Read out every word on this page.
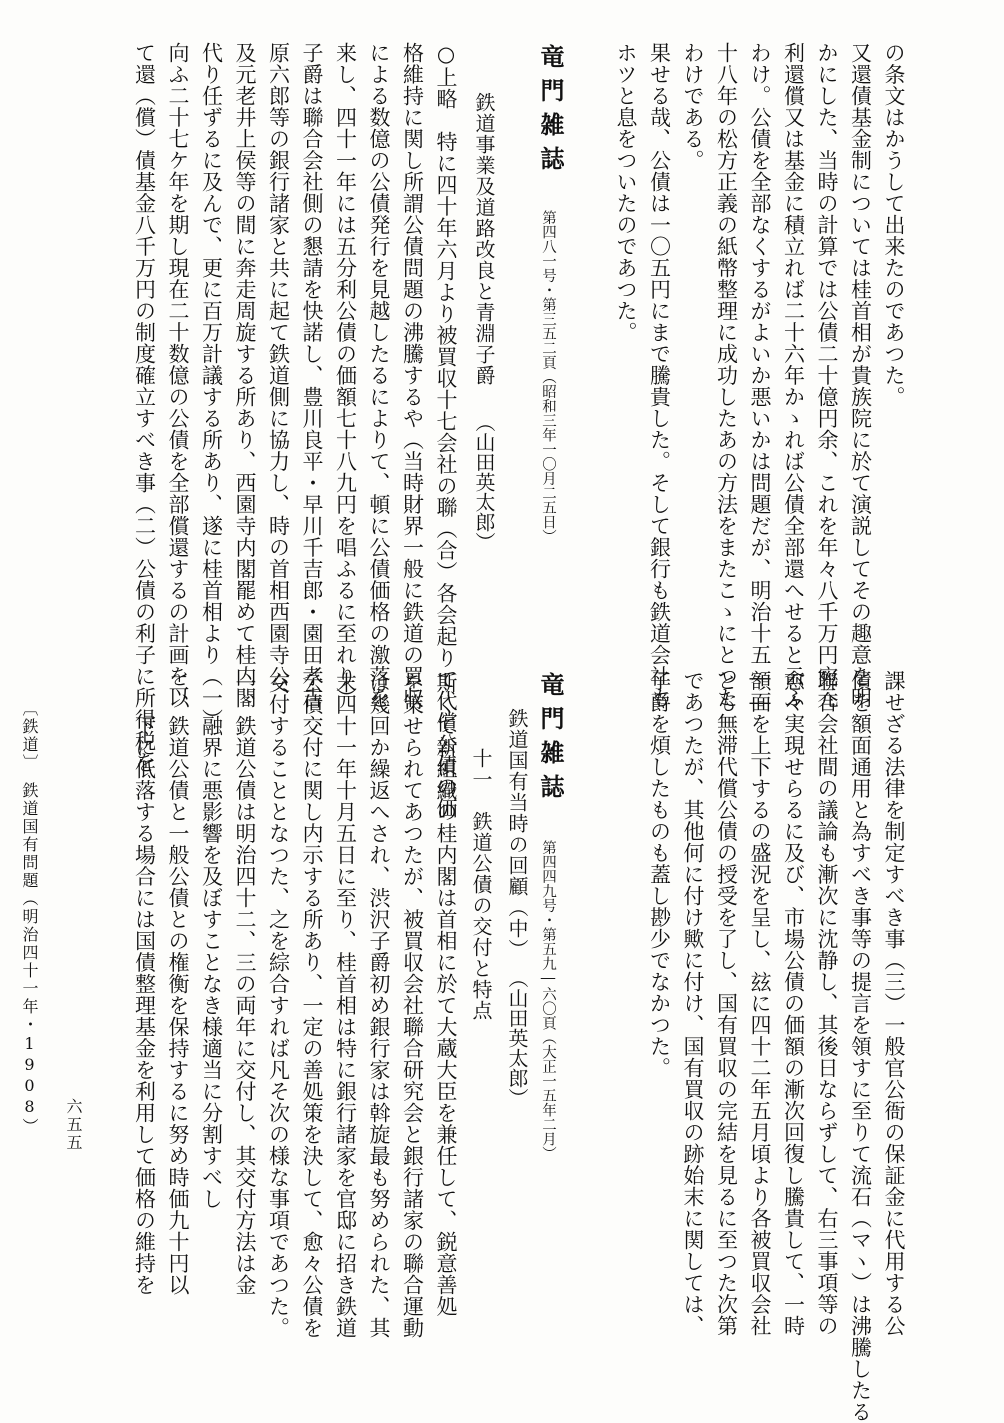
の条文はかうして出来たのであつた。
又還債基金制については桂首相が貴族院に於て演説してその趣意を明
かにした、当時の計算では公債二十億円余、これを年々八千万円宛元
利還償又は基金に積立れば二十六年かゝれば公債全部還へせると云ふ
わけ。公債を全部なくするがよいか悪いかは問題だが、明治十五――
十八年の松方正義の紙幣整理に成功したあの方法をまたこゝにとつた
わけである。
果せる哉、公債は一〇五円にまで騰貴した。そして銀行も鉄道会社も
ホツと息をついたのであつた。
竜門雑誌
第四八一号・第三五二頁（昭和三年一〇月二五日）
鉄道事業及道路改良と青淵子爵
（山田英太郎）
○上略　特に四十年六月より被買収十七会社の聯（合）各会起りて代償公債の価
格維持に関し所謂公債問題の沸騰するや（当時財界一般に鉄道の買収
による数億の公債発行を見越したるによりて、頓に公債価格の激落を
来し、四十一年には五分利公債の価額七十八九円を唱ふるに至れり）
子爵は聯合会社側の懇請を快諾し、豊川良平・早川千吉郎・園田孝吉
原六郎等の銀行諸家と共に起て鉄道側に協力し、時の首相西園寺公、
及元老井上侯等の間に奔走周旋する所あり、西園寺内閣罷めて桂内閣
代り任ずるに及んで、更に百万計議する所あり、遂に桂首相より（一）
向ふ二十七ケ年を期し現在二十数億の公債を全部償還するの計画を以
て還（償）債基金八千万円の制度確立すべき事（二）公債の利子に所得税を
課せざる法律を制定すべき事（三）一般官公衙の保証金に代用する公
債を額面通用と為すべき事等の提言を領すに至りて流石（マヽ）は沸騰したる
聯合会社間の議論も漸次に沈静し、其後日ならずして、右三事項等の
愈々実現せらるに及び、市場公債の価額の漸次回復し騰貴して、一時
額面を上下するの盛況を呈し、玆に四十二年五月頃より各被買収会社
とも無滞代償公債の授受を了し、国有買収の完結を見るに至つた次第
であつたが、其他何に付け歟に付け、国有買収の跡始末に関しては、
子爵を煩したものも蓋し尠少でなかつた。
竜門雑誌
第四四九号・第五九―六〇頁（大正一五年二月）
鉄道国有当時の回顧（中）
（山田英太郎）
十一　鉄道公債の交付と特点
斯くて新組織の桂内閣は首相に於て大蔵大臣を兼任して、鋭意善処
を策せられてあつたが、被買収会社聯合研究会と銀行諸家の聯合運動
は幾回か繰返へされ、渋沢子爵初め銀行家は斡旋最も努められた、其
末四十一年十月五日に至り、桂首相は特に銀行諸家を官邸に招き鉄道
公債交付に関し内示する所あり、一定の善処策を決して、愈々公債を
交付することとなつた、之を綜合すれば凡そ次の様な事項であつた。
一、鉄道公債は明治四十二、三の両年に交付し、其交付方法は金
　　融界に悪影響を及ぼすことなき様適当に分割すべし
二、鉄道公債と一般公債との権衡を保持するに努め時価九十円以
　　下に低落する場合には国債整理基金を利用して価格の維持を
〔鉄道〕　鉄道国有問題（明治四十一年・1908） 六五五
